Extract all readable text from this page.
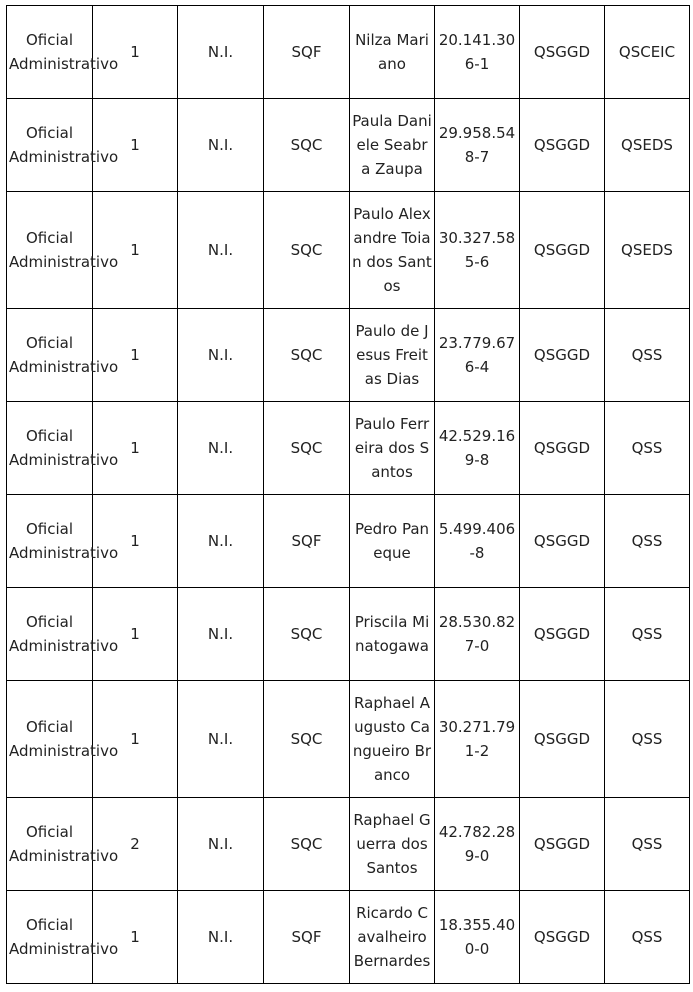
Oficial Administrativo	1	N.I.	SQF	Nilza Mariano	20.141.306-1	QSGGD	QSCEIC
Oficial Administrativo	1	N.I.	SQC	Paula Daniele Seabra Zaupa	29.958.548-7	QSGGD	QSEDS
Oficial Administrativo	1	N.I.	SQC	Paulo Alexandre Toian dos Santos	30.327.585-6	QSGGD	QSEDS
Oficial Administrativo	1	N.I.	SQC	Paulo de Jesus Freitas Dias	23.779.676-4	QSGGD	QSS
Oficial Administrativo	1	N.I.	SQC	Paulo Ferreira dos Santos	42.529.169-8	QSGGD	QSS
Oficial Administrativo	1	N.I.	SQF	Pedro Paneque	5.499.406-8	QSGGD	QSS
Oficial Administrativo	1	N.I.	SQC	Priscila Minatogawa	28.530.827-0	QSGGD	QSS
Oficial Administrativo	1	N.I.	SQC	Raphael Augusto Cangueiro Branco	30.271.791-2	QSGGD	QSS
Oficial Administrativo	2	N.I.	SQC	Raphael Guerra dos Santos	42.782.289-0	QSGGD	QSS
Oficial Administrativo	1	N.I.	SQF	Ricardo Cavalheiro Bernardes	18.355.400-0	QSGGD	QSS
